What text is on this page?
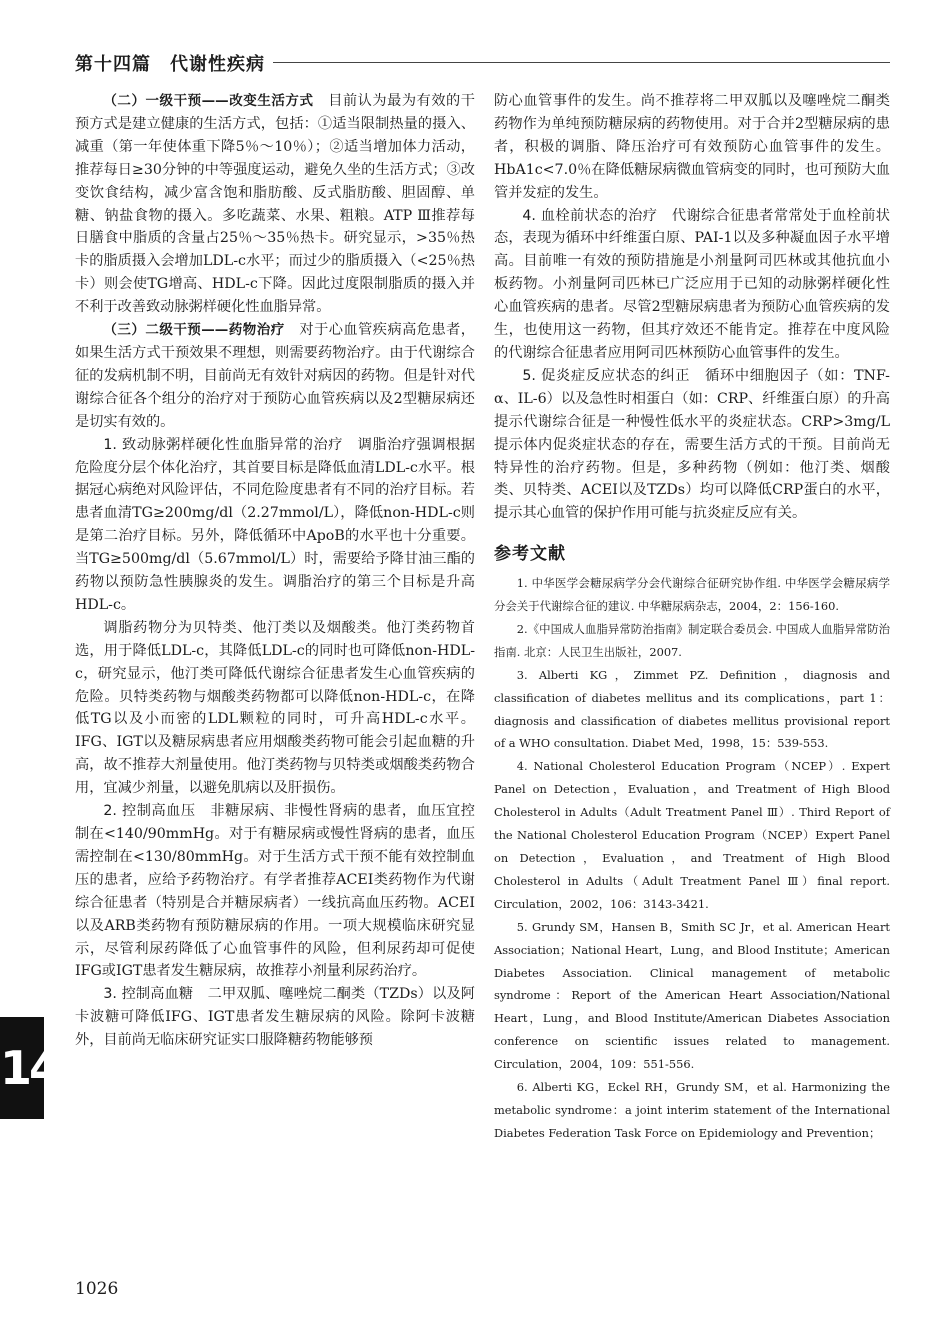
第十四篇　代谢性疾病

（二）一级干预——改变生活方式　 目前认为最为有效的干预方式是建立健康的生活方式，包括：①适当限制热量的摄入、减重（第一年使体重下降5％～10％）；②适当增加体力活动，推荐每日≥30分钟的中等强度运动，避免久坐的生活方式；③改变饮食结构，减少富含饱和脂肪酸、反式脂肪酸、胆固醇、单糖、钠盐食物的摄入。多吃蔬菜、水果、粗粮。ATP Ⅲ推荐每日膳食中脂质的含量占25％～35％热卡。研究显示，>35％热卡的脂质摄入会增加LDL-c水平；而过少的脂质摄入（<25％热卡）则会使TG增高、HDL-c下降。因此过度限制脂质的摄入并不利于改善致动脉粥样硬化性血脂异常。

（三）二级干预——药物治疗　 对于心血管疾病高危患者，如果生活方式干预效果不理想，则需要药物治疗。由于代谢综合征的发病机制不明，目前尚无有效针对病因的药物。但是针对代谢综合征各个组分的治疗对于预防心血管疾病以及2型糖尿病还是切实有效的。

1. 致动脉粥样硬化性血脂异常的治疗　 调脂治疗强调根据危险度分层个体化治疗，其首要目标是降低血清LDL-c水平。根据冠心病绝对风险评估，不同危险度患者有不同的治疗目标。若患者血清TG≥200mg/dl（2.27mmol/L），降低non-HDL-c则是第二治疗目标。另外，降低循环中ApoB的水平也十分重要。当TG≥500mg/dl（5.67mmol/L）时，需要给予降甘油三酯的药物以预防急性胰腺炎的发生。调脂治疗的第三个目标是升高HDL-c。

调脂药物分为贝特类、他汀类以及烟酸类。他汀类药物首选，用于降低LDL-c，其降低LDL-c的同时也可降低non-HDL-c，研究显示，他汀类可降低代谢综合征患者发生心血管疾病的危险。贝特类药物与烟酸类药物都可以降低non-HDL-c，在降低TG以及小而密的LDL颗粒的同时，可升高HDL-c水平。IFG、IGT以及糖尿病患者应用烟酸类药物可能会引起血糖的升高，故不推荐大剂量使用。他汀类药物与贝特类或烟酸类药物合用，宜减少剂量，以避免肌病以及肝损伤。

2. 控制高血压　 非糖尿病、非慢性肾病的患者，血压宜控制在<140/90mmHg。对于有糖尿病或慢性肾病的患者，血压需控制在<130/80mmHg。对于生活方式干预不能有效控制血压的患者，应给予药物治疗。有学者推荐ACEI类药物作为代谢综合征患者（特别是合并糖尿病者）一线抗高血压药物。ACEI以及ARB类药物有预防糖尿病的作用。一项大规模临床研究显示，尽管利尿药降低了心血管事件的风险，但利尿药却可促使IFG或IGT患者发生糖尿病，故推荐小剂量利尿药治疗。

3. 控制高血糖　 二甲双胍、噻唑烷二酮类（TZDs）以及阿卡波糖可降低IFG、IGT患者发生糖尿病的风险。除阿卡波糖外，目前尚无临床研究证实口服降糖药物能够预

防心血管事件的发生。尚不推荐将二甲双胍以及噻唑烷二酮类药物作为单纯预防糖尿病的药物使用。对于合并2型糖尿病的患者，积极的调脂、降压治疗可有效预防心血管事件的发生。HbA1c<7.0％在降低糖尿病微血管病变的同时，也可预防大血管并发症的发生。

4. 血栓前状态的治疗　 代谢综合征患者常常处于血栓前状态，表现为循环中纤维蛋白原、PAI-1以及多种凝血因子水平增高。目前唯一有效的预防措施是小剂量阿司匹林或其他抗血小板药物。小剂量阿司匹林已广泛应用于已知的动脉粥样硬化性心血管疾病的患者。尽管2型糖尿病患者为预防心血管疾病的发生，也使用这一药物，但其疗效还不能肯定。推荐在中度风险的代谢综合征患者应用阿司匹林预防心血管事件的发生。

5. 促炎症反应状态的纠正　 循环中细胞因子（如：TNF-α、IL-6）以及急性时相蛋白（如：CRP、纤维蛋白原）的升高提示代谢综合征是一种慢性低水平的炎症状态。CRP>3mg/L提示体内促炎症状态的存在，需要生活方式的干预。目前尚无特异性的治疗药物。但是，多种药物（例如：他汀类、烟酸类、贝特类、ACEI以及TZDs）均可以降低CRP蛋白的水平，提示其心血管的保护作用可能与抗炎症反应有关。

参考文献

1. 中华医学会糖尿病学分会代谢综合征研究协作组. 中华医学会糖尿病学分会关于代谢综合征的建议. 中华糖尿病杂志，2004，2：156-160.

2.《中国成人血脂异常防治指南》制定联合委员会. 中国成人血脂异常防治指南. 北京：人民卫生出版社，2007.

3. Alberti KG，Zimmet PZ. Definition，diagnosis and classification of diabetes mellitus and its complications，part 1：diagnosis and classification of diabetes mellitus provisional report of a WHO consultation. Diabet Med，1998，15：539-553.

4. National Cholesterol Education Program（NCEP）. Expert Panel on Detection，Evaluation，and Treatment of High Blood Cholesterol in Adults（Adult Treatment Panel Ⅲ）. Third Report of the National Cholesterol Education Program（NCEP）Expert Panel on Detection，Evaluation，and Treatment of High Blood Cholesterol in Adults（Adult Treatment Panel Ⅲ）final report. Circulation，2002，106：3143-3421.

5. Grundy SM，Hansen B，Smith SC Jr，et al. American Heart Association；National Heart，Lung，and Blood Institute；American Diabetes Association. Clinical management of metabolic syndrome：Report of the American Heart Association/National Heart，Lung，and Blood Institute/American Diabetes Association conference on scientific issues related to management. Circulation，2004，109：551-556.

6. Alberti KG，Eckel RH，Grundy SM，et al. Harmonizing the metabolic syndrome：a joint interim statement of the International Diabetes Federation Task Force on Epidemiology and Prevention；

14
1026
